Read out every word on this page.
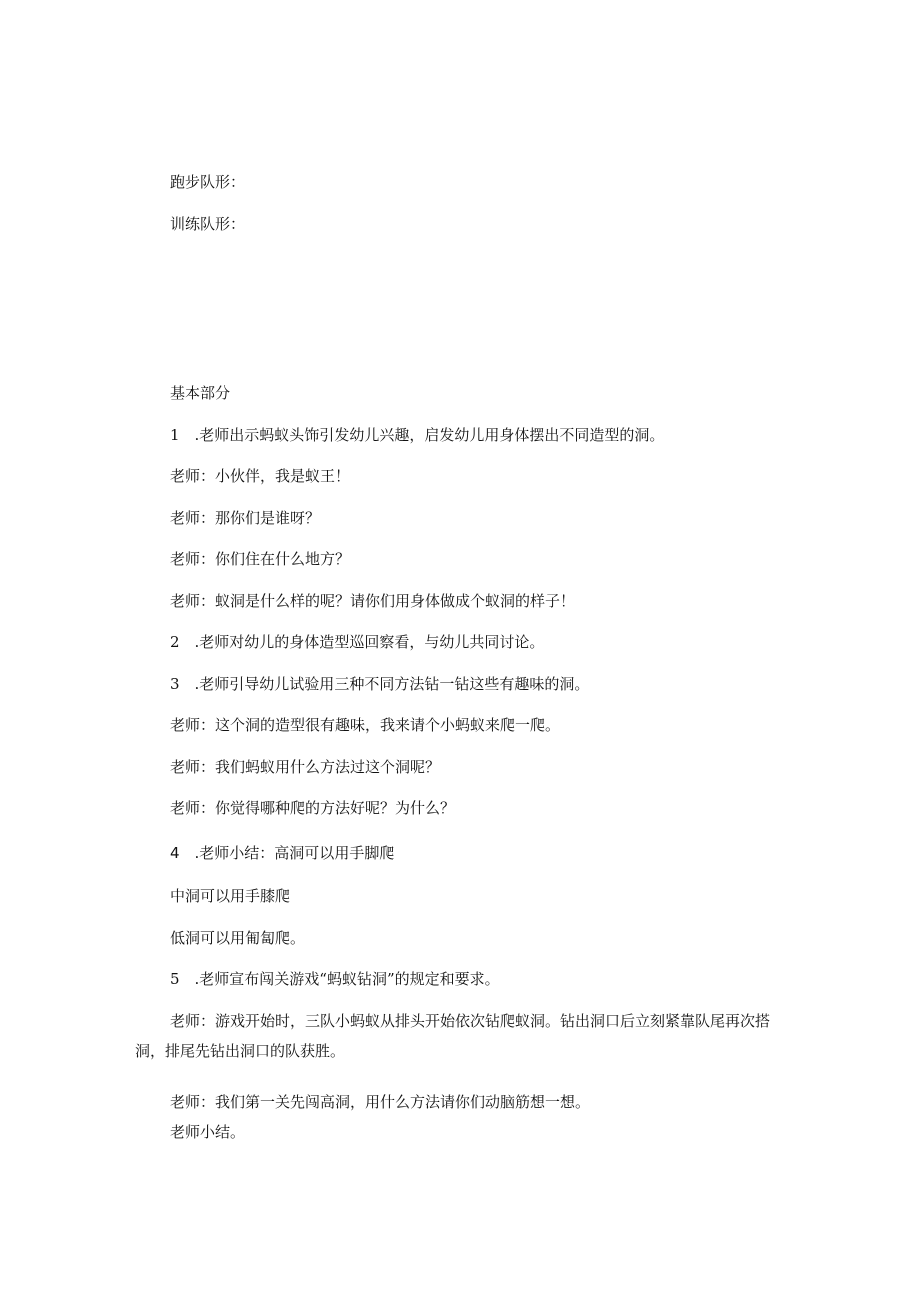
跑步队形：
训练队形：
基本部分
1　.老师出示蚂蚁头饰引发幼儿兴趣，启发幼儿用身体摆出不同造型的洞。
老师：小伙伴，我是蚁王！
老师：那你们是谁呀？
老师：你们住在什么地方？
老师：蚁洞是什么样的呢？请你们用身体做成个蚁洞的样子！
2　.老师对幼儿的身体造型巡回察看，与幼儿共同讨论。
3　.老师引导幼儿试验用三种不同方法钻一钻这些有趣味的洞。
老师：这个洞的造型很有趣味，我来请个小蚂蚁来爬一爬。
老师：我们蚂蚁用什么方法过这个洞呢？
老师：你觉得哪种爬的方法好呢？为什么？
4　.老师小结：高洞可以用手脚爬
中洞可以用手膝爬
低洞可以用匍匐爬。
5　.老师宣布闯关游戏“蚂蚁钻洞”的规定和要求。
老师：游戏开始时，三队小蚂蚁从排头开始依次钻爬蚁洞。钻出洞口后立刻紧靠队尾再次搭洞，排尾先钻出洞口的队获胜。
老师：我们第一关先闯高洞，用什么方法请你们动脑筋想一想。
老师小结。
